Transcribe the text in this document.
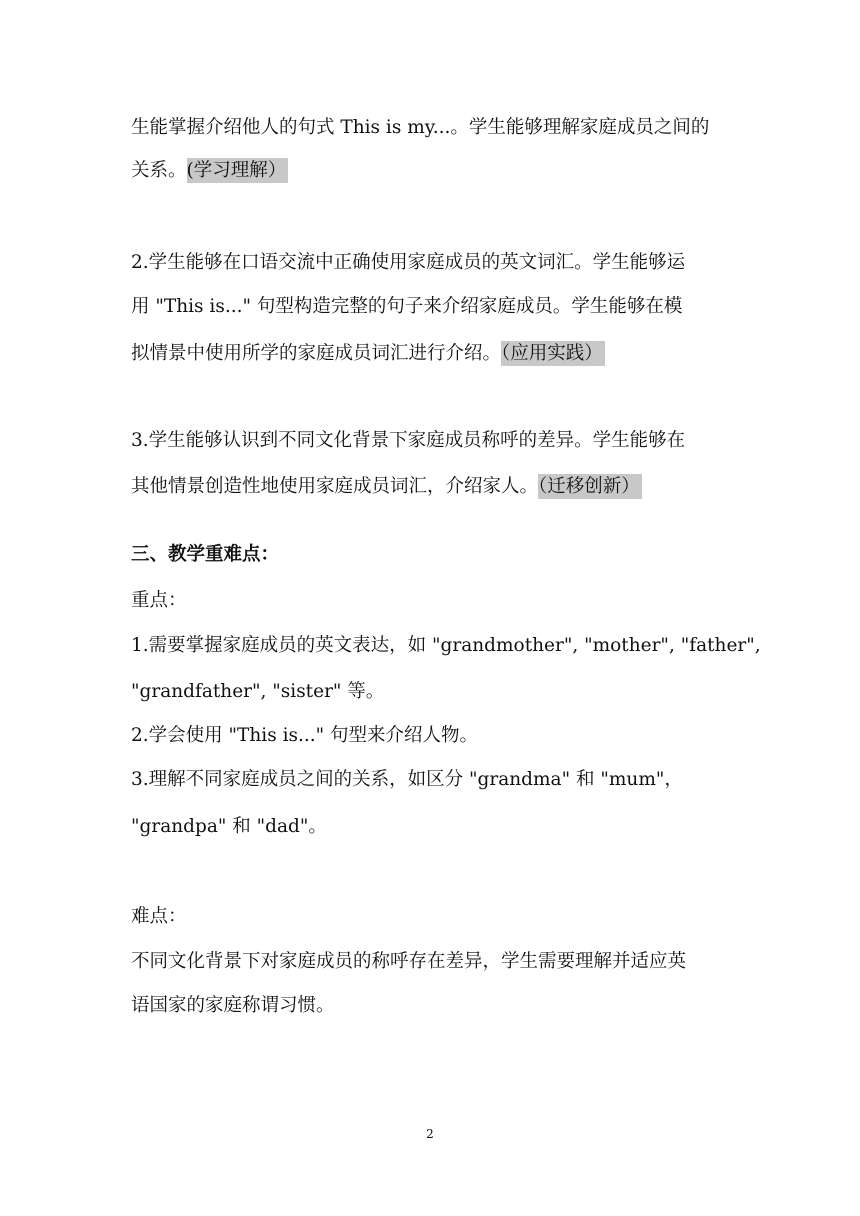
生能掌握介绍他人的句式 This is my...。学生能够理解家庭成员之间的
关系。(学习理解）
2.学生能够在口语交流中正确使用家庭成员的英文词汇。学生能够运
用 "This is..." 句型构造完整的句子来介绍家庭成员。学生能够在模
拟情景中使用所学的家庭成员词汇进行介绍。（应用实践）
3.学生能够认识到不同文化背景下家庭成员称呼的差异。学生能够在
其他情景创造性地使用家庭成员词汇，介绍家人。（迁移创新）
三、教学重难点：
重点：
1.需要掌握家庭成员的英文表达，如 "grandmother", "mother", "father",
"grandfather", "sister" 等。
2.学会使用 "This is..." 句型来介绍人物。
3.理解不同家庭成员之间的关系，如区分 "grandma" 和 "mum"，
"grandpa" 和 "dad"。
难点：
不同文化背景下对家庭成员的称呼存在差异，学生需要理解并适应英
语国家的家庭称谓习惯。
2
